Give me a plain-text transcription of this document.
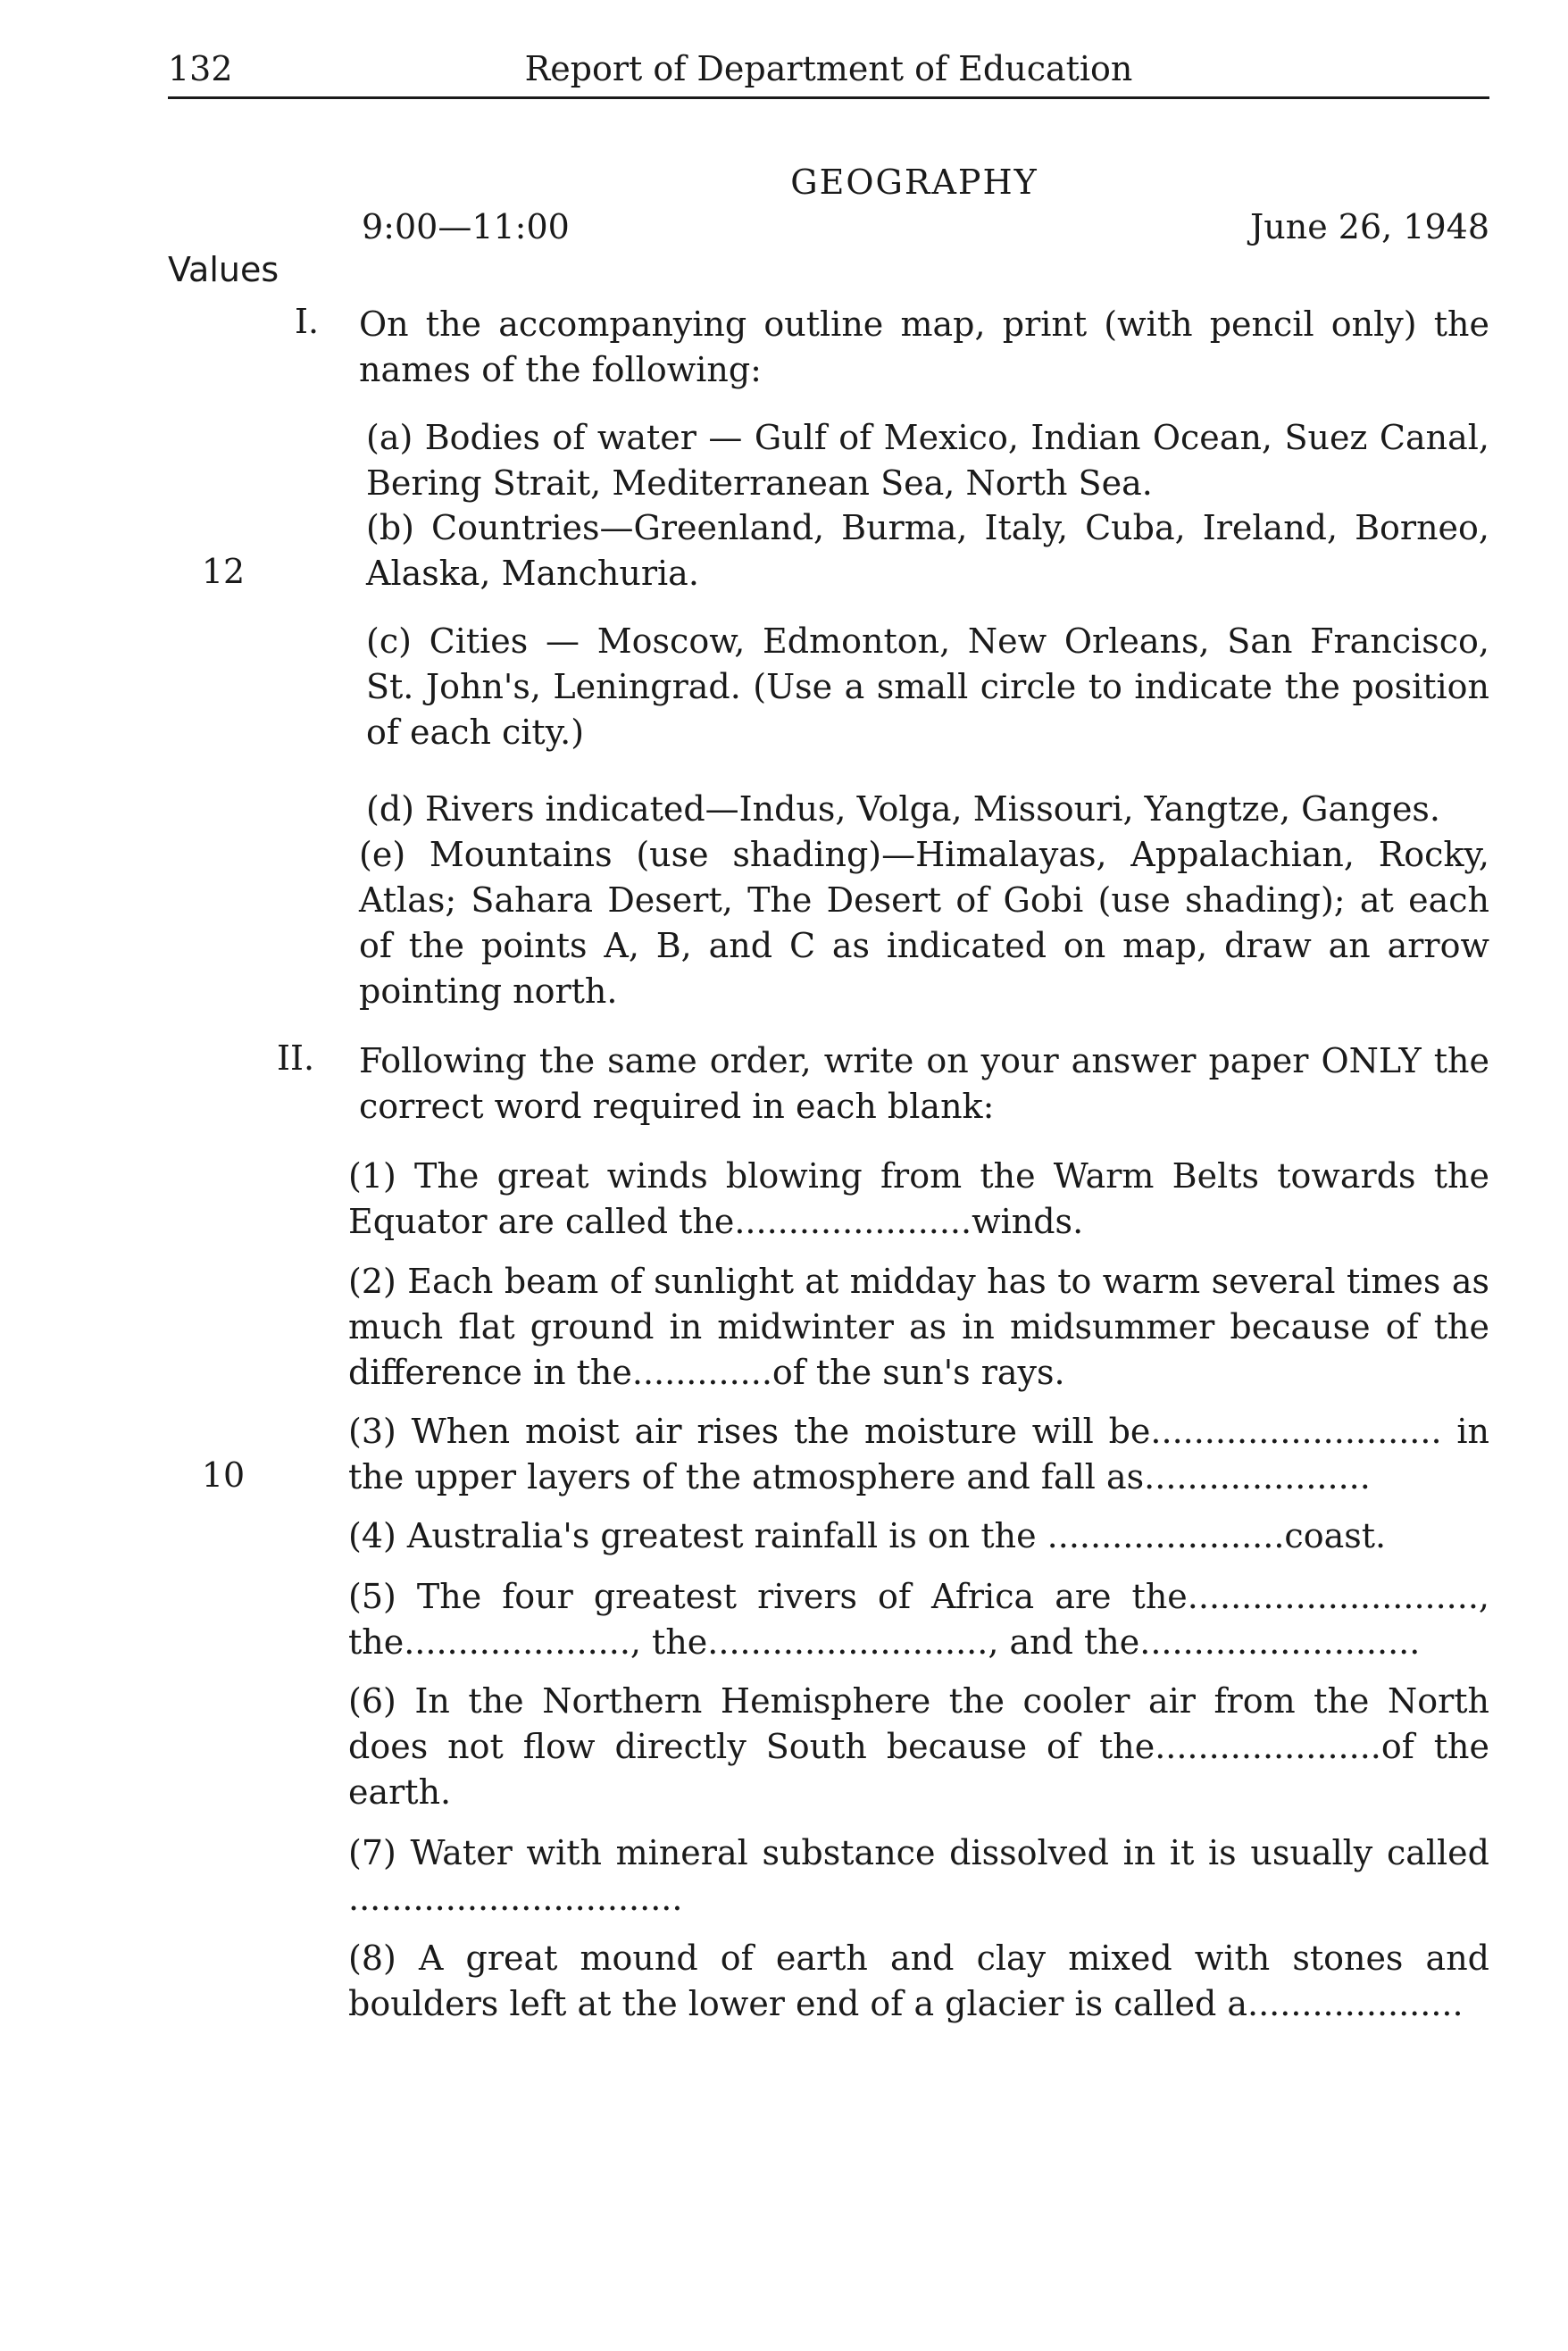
132	Report of Department of Education
GEOGRAPHY
9:00—11:00	June 26, 1948
Values
I. On the accompanying outline map, print (with pencil only) the names of the following:

(a) Bodies of water — Gulf of Mexico, Indian Ocean, Suez Canal, Bering Strait, Mediterranean Sea, North Sea.

(b) Countries—Greenland, Burma, Italy, Cuba, Ireland, Borneo, Alaska, Manchuria.

12

(c) Cities — Moscow, Edmonton, New Orleans, San Francisco, St. John's, Leningrad. (Use a small circle to indicate the position of each city.)

(d) Rivers indicated—Indus, Volga, Missouri, Yangtze, Ganges.

(e) Mountains (use shading)—Himalayas, Appalachian, Rocky, Atlas; Sahara Desert, The Desert of Gobi (use shading); at each of the points A, B, and C as indicated on map, draw an arrow pointing north.

II. Following the same order, write on your answer paper ONLY the correct word required in each blank:

(1) The great winds blowing from the Warm Belts towards the Equator are called the......................winds.

(2) Each beam of sunlight at midday has to warm several times as much flat ground in midwinter as in midsummer because of the difference in the.............of the sun's rays.

(3) When moist air rises the moisture will be........................... in the upper layers of the atmosphere and fall as.....................

10

(4) Australia's greatest rainfall is on the ......................coast.

(5) The four greatest rivers of Africa are the..........................., the....................., the.........................., and the..........................

(6) In the Northern Hemisphere the cooler air from the North does not flow directly South because of the.....................of the earth.

(7) Water with mineral substance dissolved in it is usually called ...............................

(8) A great mound of earth and clay mixed with stones and boulders left at the lower end of a glacier is called a....................
